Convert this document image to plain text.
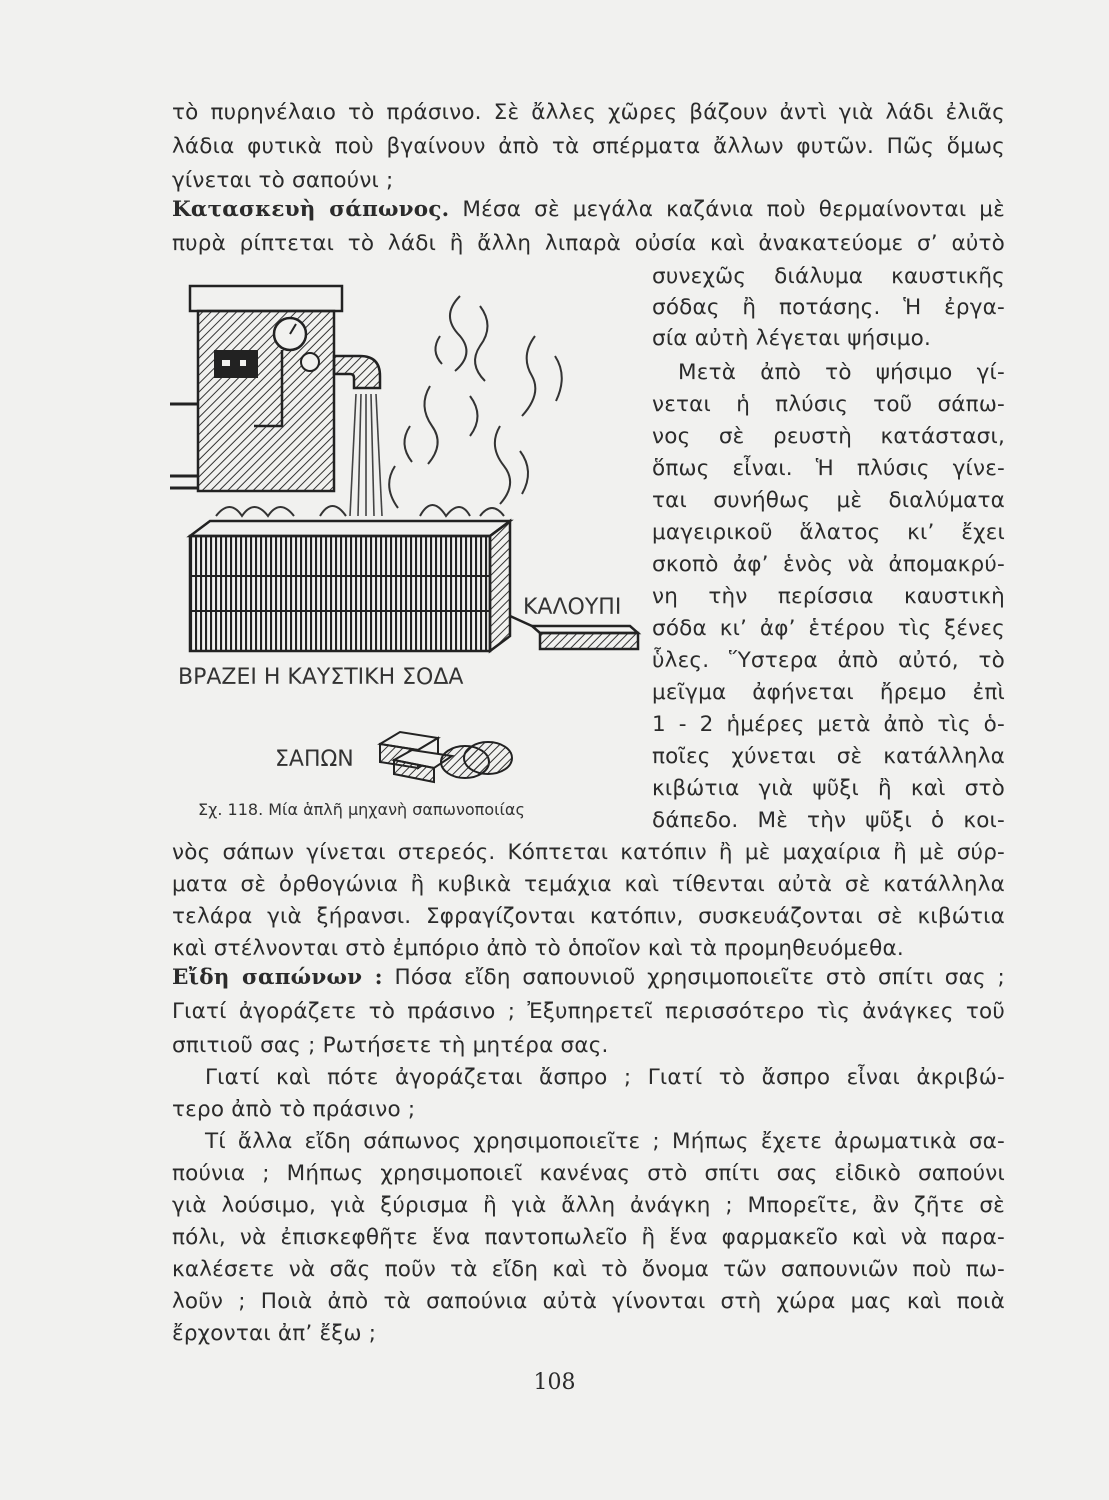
τὸ πυρηνέλαιο τὸ πράσινο. Σὲ ἄλλες χῶρες βάζουν ἀντὶ γιὰ λάδι ἐλιᾶς
λάδια φυτικὰ ποὺ βγαίνουν ἀπὸ τὰ σπέρματα ἄλλων φυτῶν. Πῶς ὅμως
γίνεται τὸ σαπούνι ;
Κατασκευὴ σάπωνος. Μέσα σὲ μεγάλα καζάνια ποὺ θερμαίνονται μὲ
πυρὰ ρίπτεται τὸ λάδι ἢ ἄλλη λιπαρὰ οὐσία καὶ ἀνακατεύομε σ’ αὐτὸ
συνεχῶς διάλυμα καυστικῆς
σόδας ἢ ποτάσης. Ἡ ἐργα-
σία αὐτὴ λέγεται ψήσιμο.
Μετὰ ἀπὸ τὸ ψήσιμο γί-
νεται ἡ πλύσις τοῦ σάπω-
νος σὲ ρευστὴ κατάστασι,
ὅπως εἶναι. Ἡ πλύσις γίνε-
ται συνήθως μὲ διαλύματα
μαγειρικοῦ ἅλατος κι’ ἔχει
σκοπὸ ἀφ’ ἑνὸς νὰ ἀπομακρύ-
νη τὴν περίσσια καυστικὴ
σόδα κι’ ἀφ’ ἑτέρου τὶς ξένες
ὗλες. Ὕστερα ἀπὸ αὐτό, τὸ
μεῖγμα ἀφήνεται ἤρεμο ἐπὶ
1 - 2 ἡμέρες μετὰ ἀπὸ τὶς ὁ-
ποῖες χύνεται σὲ κατάλληλα
κιβώτια γιὰ ψῦξι ἢ καὶ στὸ
δάπεδο. Μὲ τὴν ψῦξι ὁ κοι-
ΚΑΛΟΥΠΙ
ΒΡΑΖΕΙ Η ΚΑΥΣΤΙΚΗ ΣΟΔΑ
ΣΑΠΩΝ
Σχ. 118. Μία ἁπλῆ μηχανὴ σαπωνοποιίας
νὸς σάπων γίνεται στερεός. Κόπτεται κατόπιν ἢ μὲ μαχαίρια ἢ μὲ σύρ-
ματα σὲ ὀρθογώνια ἢ κυβικὰ τεμάχια καὶ τίθενται αὐτὰ σὲ κατάλληλα
τελάρα γιὰ ξήρανσι. Σφραγίζονται κατόπιν, συσκευάζονται σὲ κιβώτια
καὶ στέλνονται στὸ ἐμπόριο ἀπὸ τὸ ὁποῖον καὶ τὰ προμηθευόμεθα.
Εἴδη σαπώνων : Πόσα εἴδη σαπουνιοῦ χρησιμοποιεῖτε στὸ σπίτι σας ;
Γιατί ἀγοράζετε τὸ πράσινο ; Ἐξυπηρετεῖ περισσότερο τὶς ἀνάγκες τοῦ
σπιτιοῦ σας ; Ρωτήσετε τὴ μητέρα σας.
Γιατί καὶ πότε ἀγοράζεται ἄσπρο ; Γιατί τὸ ἄσπρο εἶναι ἀκριβώ-
τερο ἀπὸ τὸ πράσινο ;
Τί ἄλλα εἴδη σάπωνος χρησιμοποιεῖτε ; Μήπως ἔχετε ἀρωματικὰ σα-
πούνια ; Μήπως χρησιμοποιεῖ κανένας στὸ σπίτι σας εἰδικὸ σαπούνι
γιὰ λούσιμο, γιὰ ξύρισμα ἢ γιὰ ἄλλη ἀνάγκη ; Μπορεῖτε, ἂν ζῆτε σὲ
πόλι, νὰ ἐπισκεφθῆτε ἕνα παντοπωλεῖο ἢ ἕνα φαρμακεῖο καὶ νὰ παρα-
καλέσετε νὰ σᾶς ποῦν τὰ εἴδη καὶ τὸ ὄνομα τῶν σαπουνιῶν ποὺ πω-
λοῦν ; Ποιὰ ἀπὸ τὰ σαπούνια αὐτὰ γίνονται στὴ χώρα μας καὶ ποιὰ
ἔρχονται ἀπ’ ἔξω ;
108
